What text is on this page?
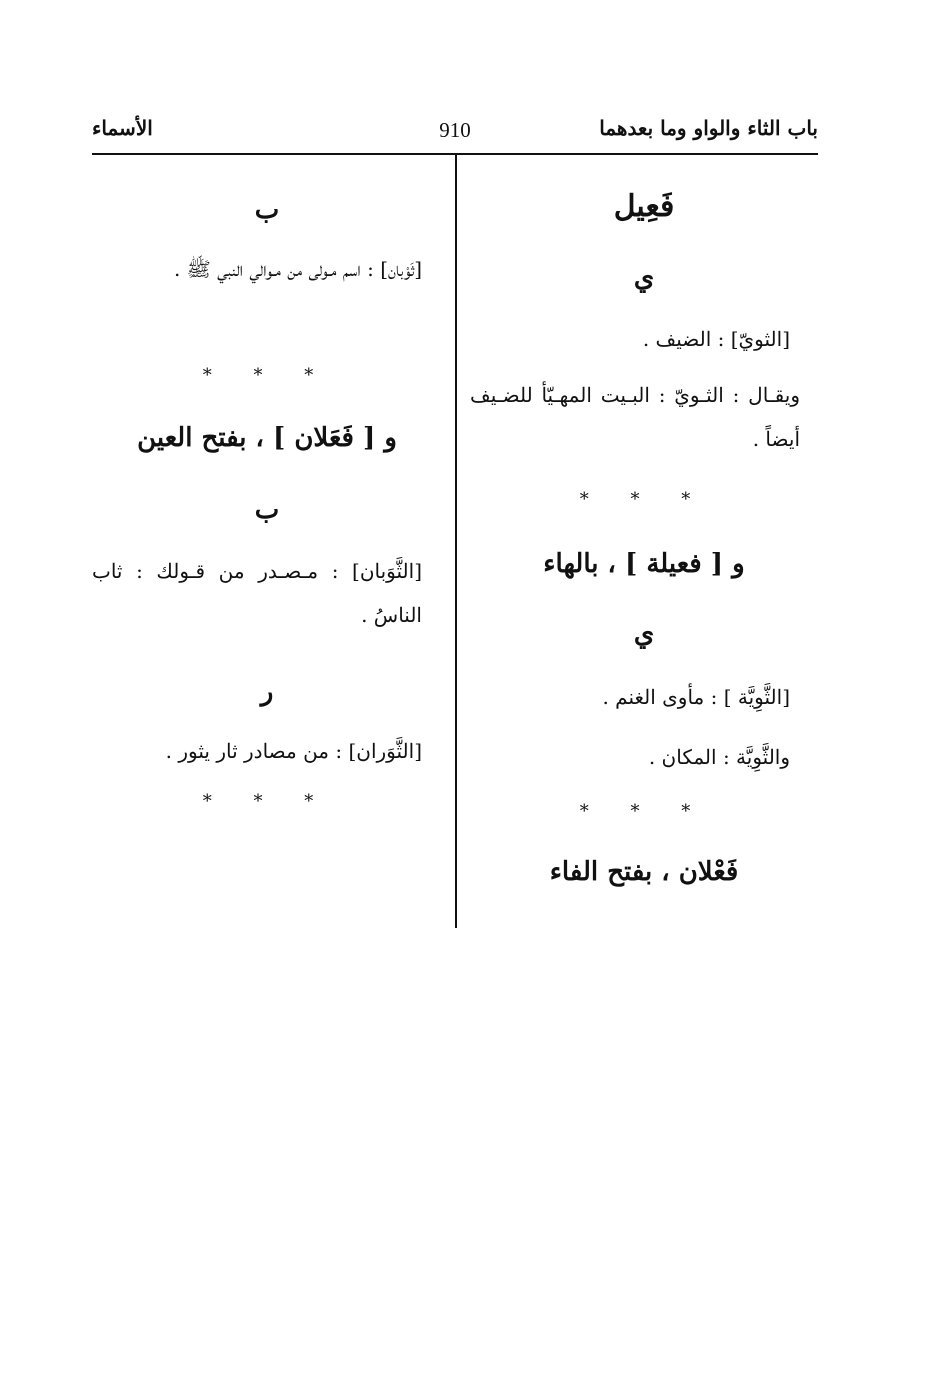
باب الثاء والواو وما بعدهما
910
الأسماء
فَعِيل
ي
[الثويّ] : الضيف .
ويقـال : الثـويّ : البـيت المهـيّأ للضـيف أيضاً .
* * *
و [ فعيلة ] ، بالهاء
ي
[الثَّوِيَّة ] : مأوى الغنم .
والثَّوِيَّة : المكان .
* * *
فَعْلان ، بفتح الفاء
ب
[ثَوْبان] : اسم مـولى من مـوالي النبي ﷺ .
* * *
و [ فَعَلان ] ، بفتح العين
ب
[الثَّوَبان] : مـصـدر من قـولك : ثاب الناسُ .
ر
[الثَّوَران] : من مصادر ثار يثور .
* * *
